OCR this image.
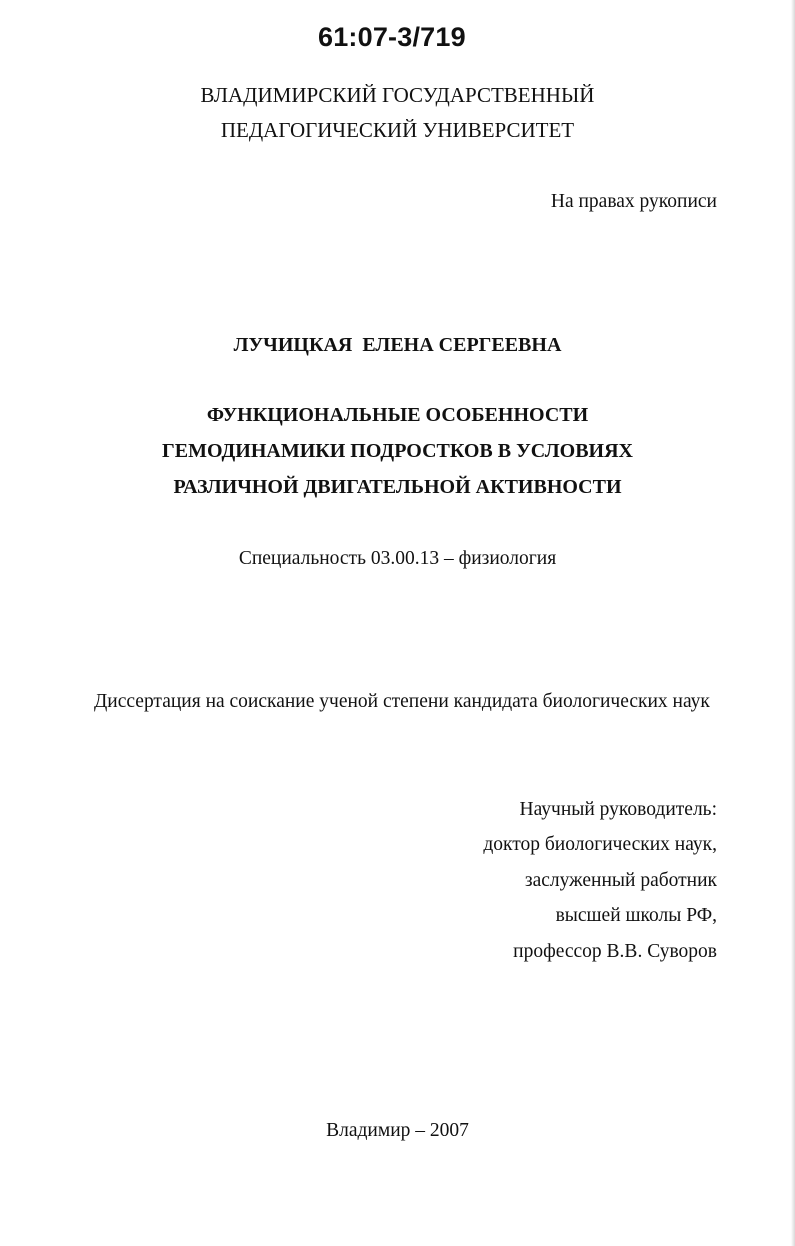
61:07-3/719
ВЛАДИМИРСКИЙ ГОСУДАРСТВЕННЫЙ
ПЕДАГОГИЧЕСКИЙ УНИВЕРСИТЕТ
На правах рукописи
ЛУЧИЦКАЯ  ЕЛЕНА СЕРГЕЕВНА
ФУНКЦИОНАЛЬНЫЕ ОСОБЕННОСТИ
ГЕМОДИНАМИКИ ПОДРОСТКОВ В УСЛОВИЯХ
РАЗЛИЧНОЙ ДВИГАТЕЛЬНОЙ АКТИВНОСТИ
Специальность 03.00.13 – физиология
Диссертация на соискание ученой степени кандидата биологических наук
Научный руководитель:
доктор биологических наук,
заслуженный работник
высшей школы РФ,
профессор В.В. Суворов
Владимир – 2007
